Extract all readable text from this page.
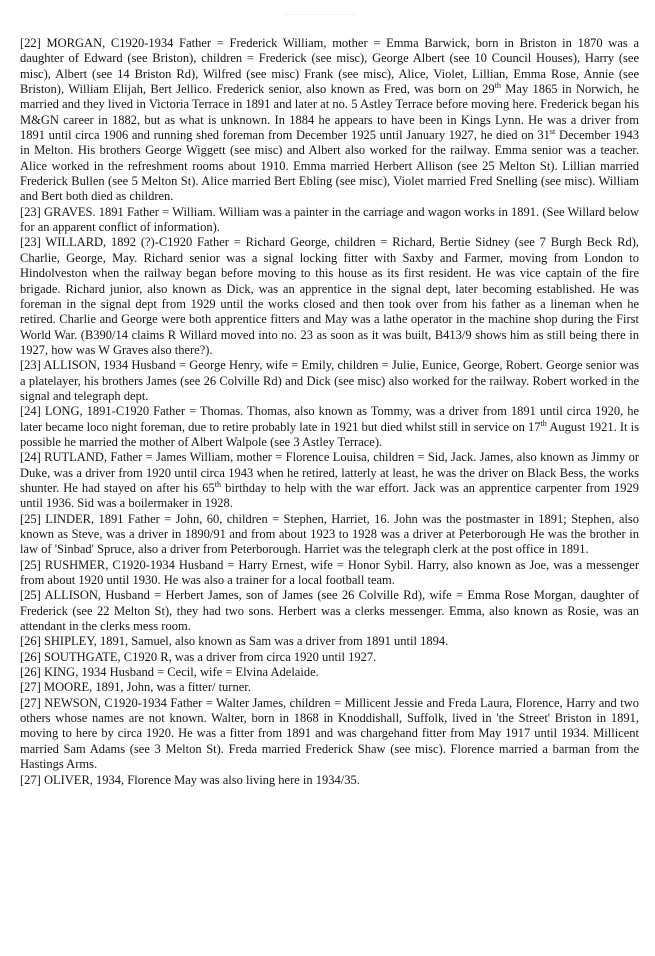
[22] MORGAN, C1920-1934 Father = Frederick William, mother = Emma Barwick, born in Briston in 1870 was a daughter of Edward (see Briston), children = Frederick (see misc), George Albert (see 10 Council Houses), Harry (see misc), Albert (see 14 Briston Rd), Wilfred (see misc) Frank (see misc), Alice, Violet, Lillian, Emma Rose, Annie (see Briston), William Elijah, Bert Jellico. Frederick senior, also known as Fred, was born on 29th May 1865 in Norwich, he married and they lived in Victoria Terrace in 1891 and later at no. 5 Astley Terrace before moving here. Frederick began his M&GN career in 1882, but as what is unknown. In 1884 he appears to have been in Kings Lynn. He was a driver from 1891 until circa 1906 and running shed foreman from December 1925 until January 1927, he died on 31st December 1943 in Melton. His brothers George Wiggett (see misc) and Albert also worked for the railway. Emma senior was a teacher. Alice worked in the refreshment rooms about 1910. Emma married Herbert Allison (see 25 Melton St). Lillian married Frederick Bullen (see 5 Melton St). Alice married Bert Ebling (see misc), Violet married Fred Snelling (see misc). William and Bert both died as children.

[23] GRAVES. 1891 Father = William. William was a painter in the carriage and wagon works in 1891. (See Willard below for an apparent conflict of information).

[23] WILLARD, 1892 (?)-C1920 Father = Richard George, children = Richard, Bertie Sidney (see 7 Burgh Beck Rd), Charlie, George, May. Richard senior was a signal locking fitter with Saxby and Farmer, moving from London to Hindolveston when the railway began before moving to this house as its first resident. He was vice captain of the fire brigade. Richard junior, also known as Dick, was an apprentice in the signal dept, later becoming established. He was foreman in the signal dept from 1929 until the works closed and then took over from his father as a lineman when he retired. Charlie and George were both apprentice fitters and May was a lathe operator in the machine shop during the First World War. (B390/14 claims R Willard moved into no. 23 as soon as it was built, B413/9 shows him as still being there in 1927, how was W Graves also there?).

[23] ALLISON, 1934 Husband = George Henry, wife = Emily, children = Julie, Eunice, George, Robert. George senior was a platelayer, his brothers James (see 26 Colville Rd) and Dick (see misc) also worked for the railway. Robert worked in the signal and telegraph dept.

[24] LONG, 1891-C1920 Father = Thomas. Thomas, also known as Tommy, was a driver from 1891 until circa 1920, he later became loco night foreman, due to retire probably late in 1921 but died whilst still in service on 17th August 1921. It is possible he married the mother of Albert Walpole (see 3 Astley Terrace).

[24] RUTLAND, Father = James William, mother = Florence Louisa, children = Sid, Jack. James, also known as Jimmy or Duke, was a driver from 1920 until circa 1943 when he retired, latterly at least, he was the driver on Black Bess, the works shunter. He had stayed on after his 65th birthday to help with the war effort. Jack was an apprentice carpenter from 1929 until 1936. Sid was a boilermaker in 1928.

[25] LINDER, 1891 Father = John, 60, children = Stephen, Harriet, 16. John was the postmaster in 1891; Stephen, also known as Steve, was a driver in 1890/91 and from about 1923 to 1928 was a driver at Peterborough He was the brother in law of 'Sinbad' Spruce, also a driver from Peterborough. Harriet was the telegraph clerk at the post office in 1891.

[25] RUSHMER, C1920-1934 Husband = Harry Ernest, wife = Honor Sybil. Harry, also known as Joe, was a messenger from about 1920 until 1930. He was also a trainer for a local football team.

[25] ALLISON, Husband = Herbert James, son of James (see 26 Colville Rd), wife = Emma Rose Morgan, daughter of Frederick (see 22 Melton St), they had two sons. Herbert was a clerks messenger. Emma, also known as Rosie, was an attendant in the clerks mess room.

[26] SHIPLEY, 1891, Samuel, also known as Sam was a driver from 1891 until 1894.

[26] SOUTHGATE, C1920 R, was a driver from circa 1920 until 1927.

[26] KING, 1934 Husband = Cecil, wife = Elvina Adelaide.

[27] MOORE, 1891, John, was a fitter/ turner.

[27] NEWSON, C1920-1934 Father = Walter James, children = Millicent Jessie and Freda Laura, Florence, Harry and two others whose names are not known. Walter, born in 1868 in Knoddishall, Suffolk, lived in 'the Street' Briston in 1891, moving to here by circa 1920. He was a fitter from 1891 and was chargehand fitter from May 1917 until 1934. Millicent married Sam Adams (see 3 Melton St). Freda married Frederick Shaw (see misc). Florence married a barman from the Hastings Arms.

[27] OLIVER, 1934, Florence May was also living here in 1934/35.
